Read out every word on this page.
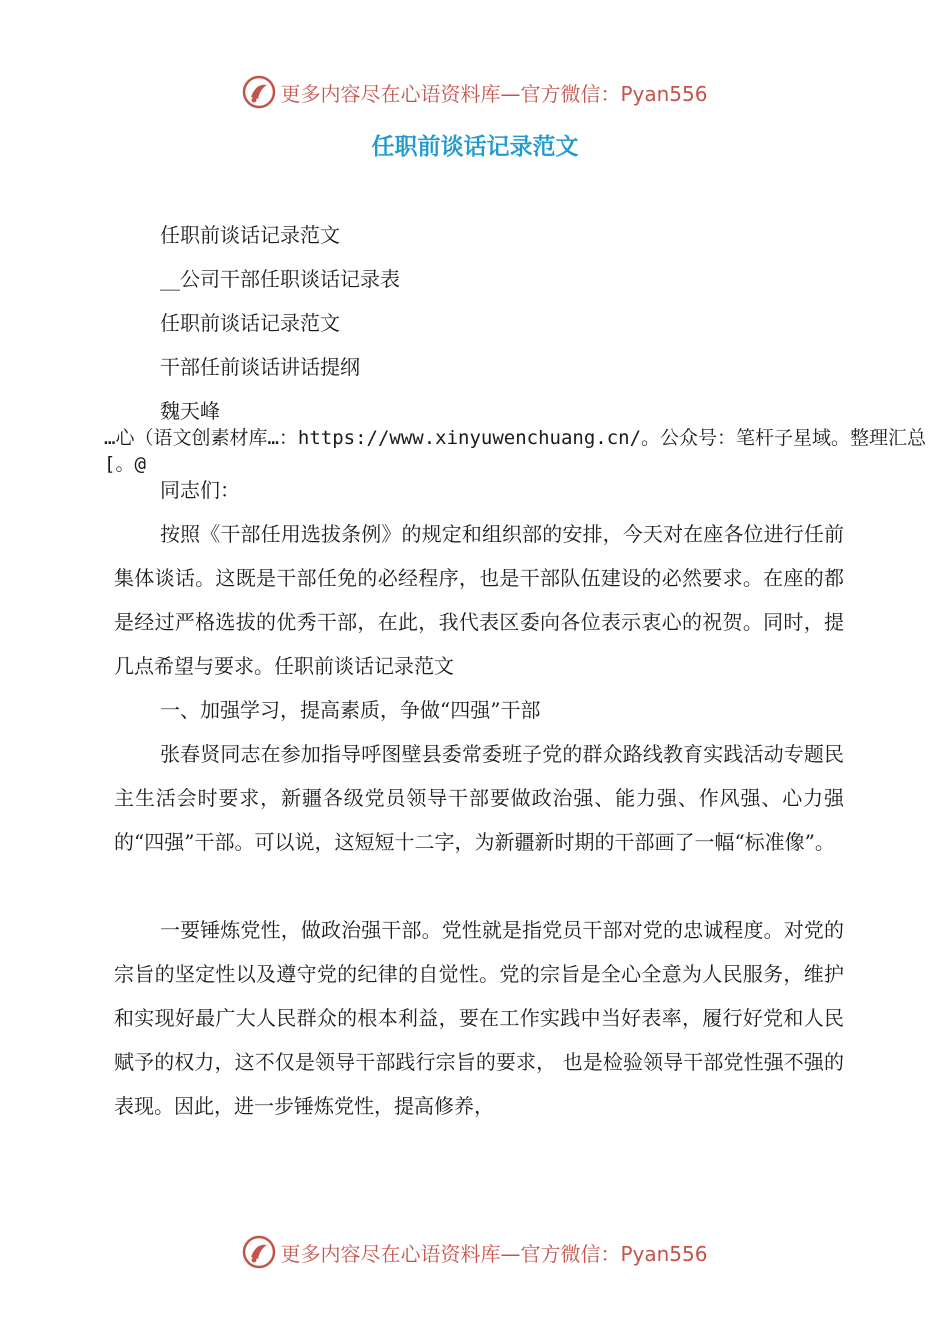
更多内容尽在心语资料库—官方微信：Pyan556
任职前谈话记录范文
任职前谈话记录范文
__公司干部任职谈话记录表
任职前谈话记录范文
干部任前谈话讲话提纲
魏天峰

…心（语文创素材库…：https://www.xinyuwenchuang.cn/。公众号：笔杆子星域。整理汇总[。@

同志们：

按照《干部任用选拔条例》的规定和组织部的安排，今天对在座各位进行任前集体谈话。这既是干部任免的必经程序，也是干部队伍建设的必然要求。在座的都是经过严格选拔的优秀干部，在此，我代表区委向各位表示衷心的祝贺。同时，提几点希望与要求。任职前谈话记录范文

一、加强学习，提高素质，争做“四强”干部

张春贤同志在参加指导呼图壁县委常委班子党的群众路线教育实践活动专题民主生活会时要求，新疆各级党员领导干部要做政治强、能力强、作风强、心力强的“四强”干部。可以说，这短短十二字，为新疆新时期的干部画了一幅“标准像”。

一要锤炼党性，做政治强干部。党性就是指党员干部对党的忠诚程度。对党的宗旨的坚定性以及遵守党的纪律的自觉性。党的宗旨是全心全意为人民服务，维护和实现好最广大人民群众的根本利益，要在工作实践中当好表率，履行好党和人民赋予的权力，这不仅是领导干部践行宗旨的要求， 也是检验领导干部党性强不强的表现。因此，进一步锤炼党性，提高修养，

更多内容尽在心语资料库—官方微信：Pyan556
